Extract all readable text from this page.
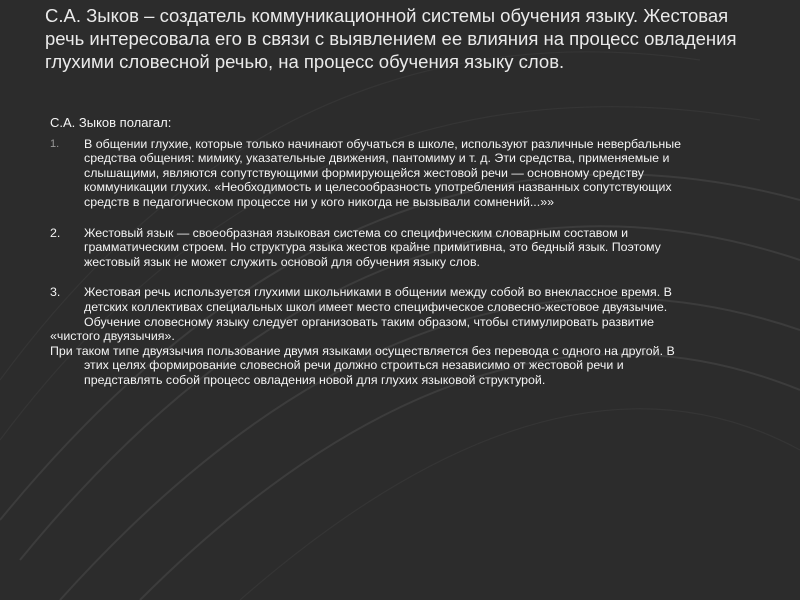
С.А. Зыков – создатель коммуникационной системы обучения языку. Жестовая речь интересовала его в связи с выявлением ее влияния на процесс овладения глухими словесной речью, на процесс обучения языку слов.

С.А. Зыков полагал:

1. В общении глухие, которые только начинают обучаться в школе, используют различные невербальные средства общения: мимику, указательные движения, пантомиму и т. д. Эти средства, применяемые и слышащими, являются сопутствующими формирующейся жестовой речи — основному средству коммуникации глухих. «Необходимость и целесообразность употребления названных сопутствующих средств в педагогическом процессе ни у кого никогда не вызывали сомнений...»»
2. Жестовый язык — своеобразная языковая система со специфическим словарным составом и грамматическим строем. Но структура языка жестов крайне примитивна, это бедный язык. Поэтому жестовый язык не может служить основой для обучения языку слов.
3. Жестовая речь используется глухими школьниками в общении между собой во внеклассное время. В детских коллективах специальных школ имеет место специфическое словесно-жестовое двуязычие. Обучение словесному языку следует организовать таким образом, чтобы стимулировать развитие

«чистого двуязычия».

При таком типе двуязычия пользование двумя языками осуществляется без перевода с одного на другой. В этих целях формирование словесной речи должно строиться независимо от жестовой речи и представлять собой процесс овладения новой для глухих языковой структурой.
